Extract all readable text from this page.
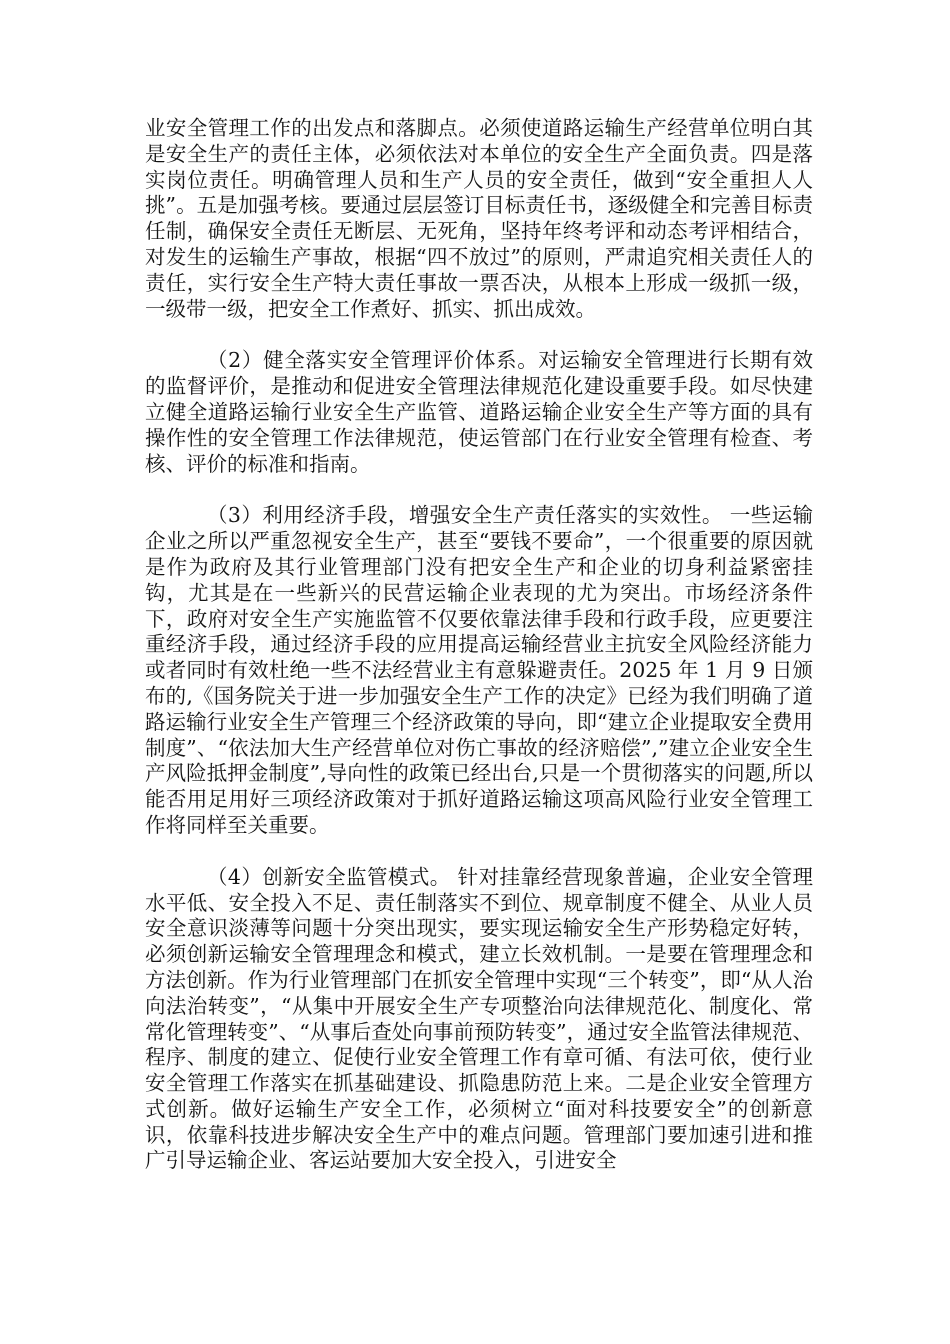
业安全管理工作的出发点和落脚点。必须使道路运输生产经营单位明白其是安全生产的责任主体，必须依法对本单位的安全生产全面负责。四是落实岗位责任。明确管理人员和生产人员的安全责任，做到“安全重担人人挑”。五是加强考核。要通过层层签订目标责任书，逐级健全和完善目标责任制，确保安全责任无断层、无死角，坚持年终考评和动态考评相结合，对发生的运输生产事故，根据“四不放过”的原则，严肃追究相关责任人的责任，实行安全生产特大责任事故一票否决，从根本上形成一级抓一级，一级带一级，把安全工作煮好、抓实、抓出成效。

（2）健全落实安全管理评价体系。对运输安全管理进行长期有效的监督评价，是推动和促进安全管理法律规范化建设重要手段。如尽快建立健全道路运输行业安全生产监管、道路运输企业安全生产等方面的具有操作性的安全管理工作法律规范，使运管部门在行业安全管理有检查、考核、评价的标准和指南。

（3）利用经济手段，增强安全生产责任落实的实效性。 一些运输企业之所以严重忽视安全生产，甚至“要钱不要命”，一个很重要的原因就是作为政府及其行业管理部门没有把安全生产和企业的切身利益紧密挂钩，尤其是在一些新兴的民营运输企业表现的尤为突出。市场经济条件下，政府对安全生产实施监管不仅要依靠法律手段和行政手段，应更要注重经济手段，通过经济手段的应用提高运输经营业主抗安全风险经济能力或者同时有效杜绝一些不法经营业主有意躲避责任。2025 年 1 月 9 日颁布的,《国务院关于进一步加强安全生产工作的决定》已经为我们明确了道路运输行业安全生产管理三个经济政策的导向，即“建立企业提取安全费用制度”、“依法加大生产经营单位对伤亡事故的经济赔偿”,”建立企业安全生产风险抵押金制度”,导向性的政策已经出台,只是一个贯彻落实的问题,所以能否用足用好三项经济政策对于抓好道路运输这项高风险行业安全管理工作将同样至关重要。

（4）创新安全监管模式。 针对挂靠经营现象普遍，企业安全管理水平低、安全投入不足、责任制落实不到位、规章制度不健全、从业人员安全意识淡薄等问题十分突出现实，要实现运输安全生产形势稳定好转，必须创新运输安全管理理念和模式，建立长效机制。一是要在管理理念和方法创新。作为行业管理部门在抓安全管理中实现“三个转变”，即“从人治向法治转变”，“从集中开展安全生产专项整治向法律规范化、制度化、常常化管理转变”、“从事后查处向事前预防转变”，通过安全监管法律规范、程序、制度的建立、促使行业安全管理工作有章可循、有法可依，使行业安全管理工作落实在抓基础建设、抓隐患防范上来。二是企业安全管理方式创新。做好运输生产安全工作，必须树立“面对科技要安全”的创新意识，依靠科技进步解决安全生产中的难点问题。管理部门要加速引进和推广引导运输企业、客运站要加大安全投入，引进安全
